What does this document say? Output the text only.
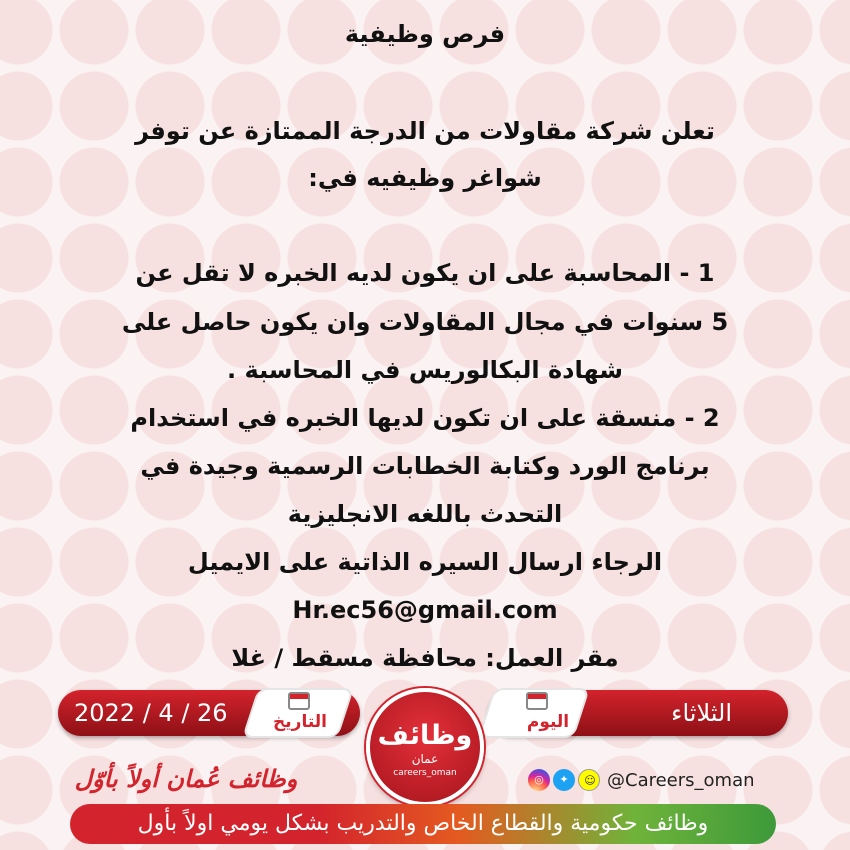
فرص وظيفية
تعلن شركة مقاولات من الدرجة الممتازة عن توفر
شواغر وظيفيه في:
1 - المحاسبة على ان يكون لديه الخبره لا تقل عن
5 سنوات في مجال المقاولات وان يكون حاصل على
شهادة البكالوريس في المحاسبة .
2 - منسقة على ان تكون لديها الخبره في استخدام
برنامج الورد وكتابة الخطابات الرسمية وجيدة في
التحدث باللغه الانجليزية
الرجاء ارسال السيره الذاتية على الايميل
Hr.ec56@gmail.com
مقر العمل: محافظة مسقط / غلا
2022 / 4 / 26	التاريخ	الثلاثاء
اليوم
وظائف
عمان
careers_oman
وظائف عُمان أولاً بأوّل	◎	✦	☺ @Careers_oman
وظائف حكومية والقطاع الخاص والتدريب بشكل يومي اولاً بأول
